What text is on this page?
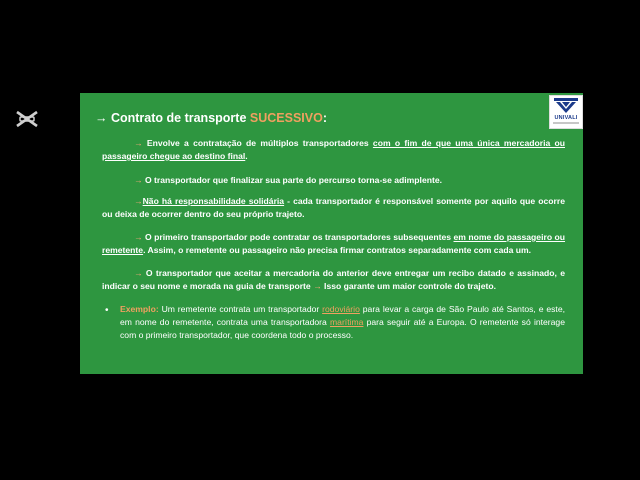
UNIVALI
→ Contrato de transporte SUCESSIVO:
→ Envolve a contratação de múltiplos transportadores com o fim de que uma única mercadoria ou passageiro chegue ao destino final.
→ O transportador que finalizar sua parte do percurso torna-se adimplente.
→Não há responsabilidade solidária - cada transportador é responsável somente por aquilo que ocorre ou deixa de ocorrer dentro do seu próprio trajeto.
→ O primeiro transportador pode contratar os transportadores subsequentes em nome do passageiro ou remetente. Assim, o remetente ou passageiro não precisa firmar contratos separadamente com cada um.
→ O transportador que aceitar a mercadoria do anterior deve entregar um recibo datado e assinado, e indicar o seu nome e morada na guia de transporte → Isso garante um maior controle do trajeto.
• Exemplo: Um remetente contrata um transportador rodoviário para levar a carga de São Paulo até Santos, e este, em nome do remetente, contrata uma transportadora marítima para seguir até a Europa. O remetente só interage com o primeiro transportador, que coordena todo o processo.
